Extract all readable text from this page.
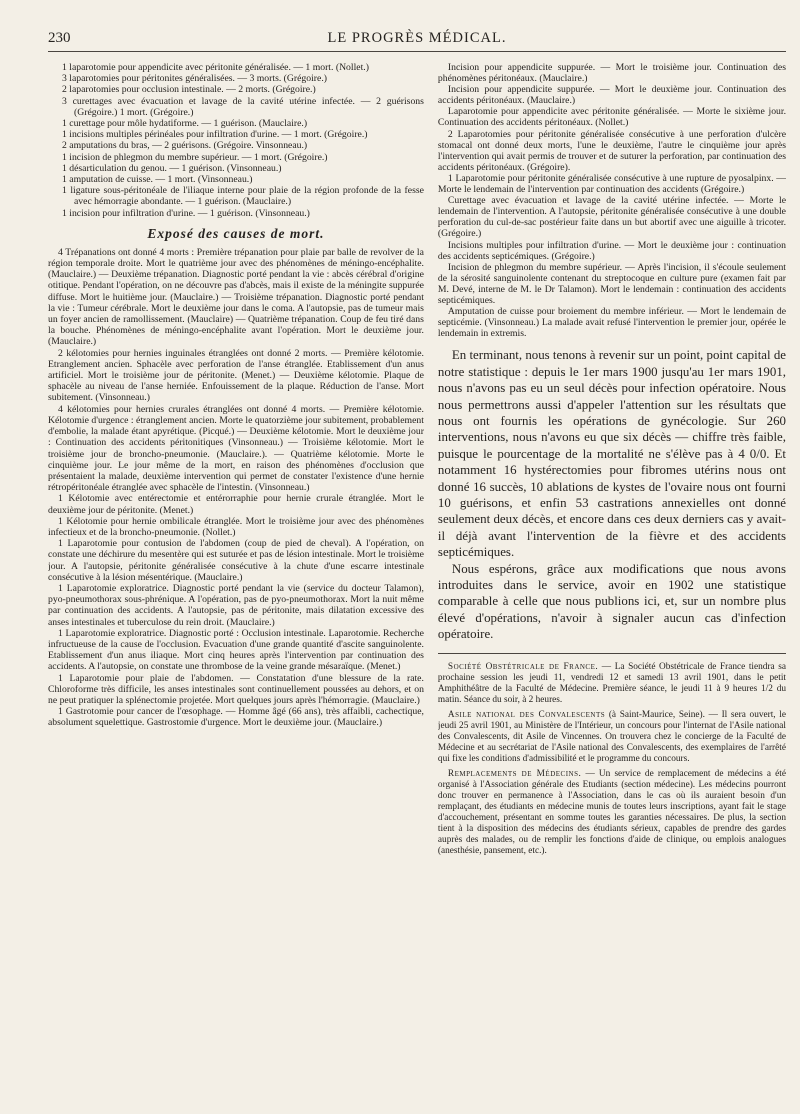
230	LE PROGRÈS MÉDICAL.

1 laparotomie pour appendicite avec péritonite généralisée. — 1 mort. (Nollet.)

3 laparotomies pour péritonites généralisées. — 3 morts. (Grégoire.)

2 laparotomies pour occlusion intestinale. — 2 morts. (Grégoire.)

3 curettages avec évacuation et lavage de la cavité utérine infectée. — 2 guérisons (Grégoire.) 1 mort. (Grégoire.)

1 curettage pour môle hydatiforme. — 1 guérison. (Mauclaire.)

1 incisions multiples périnéales pour infiltration d'urine. — 1 mort. (Grégoire.)

2 amputations du bras, — 2 guérisons. (Grégoire. Vinsonneau.)

1 incision de phlegmon du membre supérieur. — 1 mort. (Grégoire.)

1 désarticulation du genou. — 1 guérison. (Vinsonneau.)

1 amputation de cuisse. — 1 mort. (Vinsonneau.)

1 ligature sous-péritonéale de l'iliaque interne pour plaie de la région profonde de la fesse avec hémorragie abondante. — 1 guérison. (Mauclaire.)

1 incision pour infiltration d'urine. — 1 guérison. (Vinsonneau.)

Exposé des causes de mort.

4 Trépanations ont donné 4 morts : Première trépanation pour plaie par balle de revolver de la région temporale droite. Mort le quatrième jour avec des phénomènes de méningo-encéphalite. (Mauclaire.) — Deuxième trépanation. Diagnostic porté pendant la vie : abcès cérébral d'origine otitique. Pendant l'opération, on ne découvre pas d'abcès, mais il existe de la méningite suppurée diffuse. Mort le huitième jour. (Mauclaire.) — Troisième trépanation. Diagnostic porté pendant la vie : Tumeur cérébrale. Mort le deuxième jour dans le coma. A l'autopsie, pas de tumeur mais un foyer ancien de ramollissement. (Mauclaire) — Quatrième trépanation. Coup de feu tiré dans la bouche. Phénomènes de méningo-encéphalite avant l'opération. Mort le deuxième jour. (Mauclaire.)

2 kélotomies pour hernies inguinales étranglées ont donné 2 morts. — Première kélotomie. Etranglement ancien. Sphacèle avec perforation de l'anse étranglée. Etablissement d'un anus artificiel. Mort le troisième jour de péritonite. (Menet.) — Deuxième kélotomie. Plaque de sphacèle au niveau de l'anse herniée. Enfouissement de la plaque. Réduction de l'anse. Mort subitement. (Vinsonneau.)

4 kélotomies pour hernies crurales étranglées ont donné 4 morts. — Première kélotomie. Kélotomie d'urgence : étranglement ancien. Morte le quatorzième jour subitement, probablement d'embolie, la malade étant apyrétique. (Picqué.) — Deuxième kélotomie. Mort le deuxième jour : Continuation des accidents péritonitiques (Vinsonneau.) — Troisième kélotomie. Mort le troisième jour de broncho-pneumonie. (Mauclaire.). — Quatrième kélotomie. Morte le cinquième jour. Le jour même de la mort, en raison des phénomènes d'occlusion que présentaient la malade, deuxième intervention qui permet de constater l'existence d'une hernie rétropéritonéale étranglée avec sphacèle de l'intestin. (Vinsonneau.)

1 Kélotomie avec entérectomie et entérorraphie pour hernie crurale étranglée. Mort le deuxième jour de péritonite. (Menet.)

1 Kélotomie pour hernie ombilicale étranglée. Mort le troisième jour avec des phénomènes infectieux et de la broncho-pneumonie. (Nollet.)

1 Laparotomie pour contusion de l'abdomen (coup de pied de cheval). A l'opération, on constate une déchirure du mesentère qui est suturée et pas de lésion intestinale. Mort le troisième jour. A l'autopsie, péritonite généralisée consécutive à la chute d'une escarre intestinale consécutive à la lésion mésentérique. (Mauclaire.)

1 Laparotomie exploratrice. Diagnostic porté pendant la vie (service du docteur Talamon), pyo-pneumothorax sous-phrénique. A l'opération, pas de pyo-pneumothorax. Mort la nuit même par continuation des accidents. A l'autopsie, pas de péritonite, mais dilatation excessive des anses intestinales et tuberculose du rein droit. (Mauclaire.)

1 Laparotomie exploratrice. Diagnostic porté : Occlusion intestinale. Laparotomie. Recherche infructueuse de la cause de l'occlusion. Evacuation d'une grande quantité d'ascite sanguinolente. Etablissement d'un anus iliaque. Mort cinq heures après l'intervention par continuation des accidents. A l'autopsie, on constate une thrombose de la veine grande mésaraïque. (Menet.)

1 Laparotomie pour plaie de l'abdomen. — Constatation d'une blessure de la rate. Chloroforme très difficile, les anses intestinales sont continuellement poussées au dehors, et on ne peut pratiquer la splénectomie projetée. Mort quelques jours après l'hémorragie. (Mauclaire.)

1 Gastrotomie pour cancer de l'œsophage. — Homme âgé (66 ans), très affaibli, cachectique, absolument squelettique. Gastrostomie d'urgence. Mort le deuxième jour. (Mauclaire.)

Incision pour appendicite suppurée. — Mort le troisième jour. Continuation des phénomènes péritonéaux. (Mauclaire.)

Incision pour appendicite suppurée. — Mort le deuxième jour. Continuation des accidents péritonéaux. (Mauclaire.)

Laparotomie pour appendicite avec péritonite généralisée. — Morte le sixième jour. Continuation des accidents péritonéaux. (Nollet.)

2 Laparotomies pour péritonite généralisée consécutive à une perforation d'ulcère stomacal ont donné deux morts, l'une le deuxième, l'autre le cinquième jour après l'intervention qui avait permis de trouver et de suturer la perforation, par continuation des accidents péritonéaux. (Grégoire).

1 Laparotomie pour péritonite généralisée consécutive à une rupture de pyosalpinx. — Morte le lendemain de l'intervention par continuation des accidents (Grégoire.)

Curettage avec évacuation et lavage de la cavité utérine infectée. — Morte le lendemain de l'intervention. A l'autopsie, péritonite généralisée consécutive à une double perforation du cul-de-sac postérieur faite dans un but abortif avec une aiguille à tricoter. (Grégoire.)

Incisions multiples pour infiltration d'urine. — Mort le deuxième jour : continuation des accidents septicémiques. (Grégoire.)

Incision de phlegmon du membre supérieur. — Après l'incision, il s'écoule seulement de la sérosité sanguinolente contenant du streptocoque en culture pure (examen fait par M. Devé, interne de M. le Dr Talamon). Mort le lendemain : continuation des accidents septicémiques.

Amputation de cuisse pour broiement du membre inférieur. — Mort le lendemain de septicémie. (Vinsonneau.) La malade avait refusé l'intervention le premier jour, opérée le lendemain in extremis.

En terminant, nous tenons à revenir sur un point, point capital de notre statistique : depuis le 1er mars 1900 jusqu'au 1er mars 1901, nous n'avons pas eu un seul décès pour infection opératoire. Nous nous permettrons aussi d'appeler l'attention sur les résultats que nous ont fournis les opérations de gynécologie. Sur 260 interventions, nous n'avons eu que six décès — chiffre très faible, puisque le pourcentage de la mortalité ne s'élève pas à 4 0/0. Et notamment 16 hystérectomies pour fibromes utérins nous ont donné 16 succès, 10 ablations de kystes de l'ovaire nous ont fourni 10 guérisons, et enfin 53 castrations annexielles ont donné seulement deux décès, et encore dans ces deux derniers cas y avait-il déjà avant l'intervention de la fièvre et des accidents septicémiques.

Nous espérons, grâce aux modifications que nous avons introduites dans le service, avoir en 1902 une statistique comparable à celle que nous publions ici, et, sur un nombre plus élevé d'opérations, n'avoir à signaler aucun cas d'infection opératoire.

Société Obstétricale de France. — La Société Obstétricale de France tiendra sa prochaine session les jeudi 11, vendredi 12 et samedi 13 avril 1901, dans le petit Amphithéâtre de la Faculté de Médecine. Première séance, le jeudi 11 à 9 heures 1/2 du matin. Séance du soir, à 2 heures.

Asile national des Convalescents (à Saint-Maurice, Seine). — Il sera ouvert, le jeudi 25 avril 1901, au Ministère de l'Intérieur, un concours pour l'internat de l'Asile national des Convalescents, dit Asile de Vincennes. On trouvera chez le concierge de la Faculté de Médecine et au secrétariat de l'Asile national des Convalescents, des exemplaires de l'arrêté qui fixe les conditions d'admissibilité et le programme du concours.

Remplacements de Médecins. — Un service de remplacement de médecins a été organisé à l'Association générale des Etudiants (section médecine). Les médecins pourront donc trouver en permanence à l'Association, dans le cas où ils auraient besoin d'un remplaçant, des étudiants en médecine munis de toutes leurs inscriptions, ayant fait le stage d'accouchement, présentant en somme toutes les garanties nécessaires. De plus, la section tient à la disposition des médecins des étudiants sérieux, capables de prendre des gardes auprès des malades, ou de remplir les fonctions d'aide de clinique, ou emplois analogues (anesthésie, pansement, etc.).
